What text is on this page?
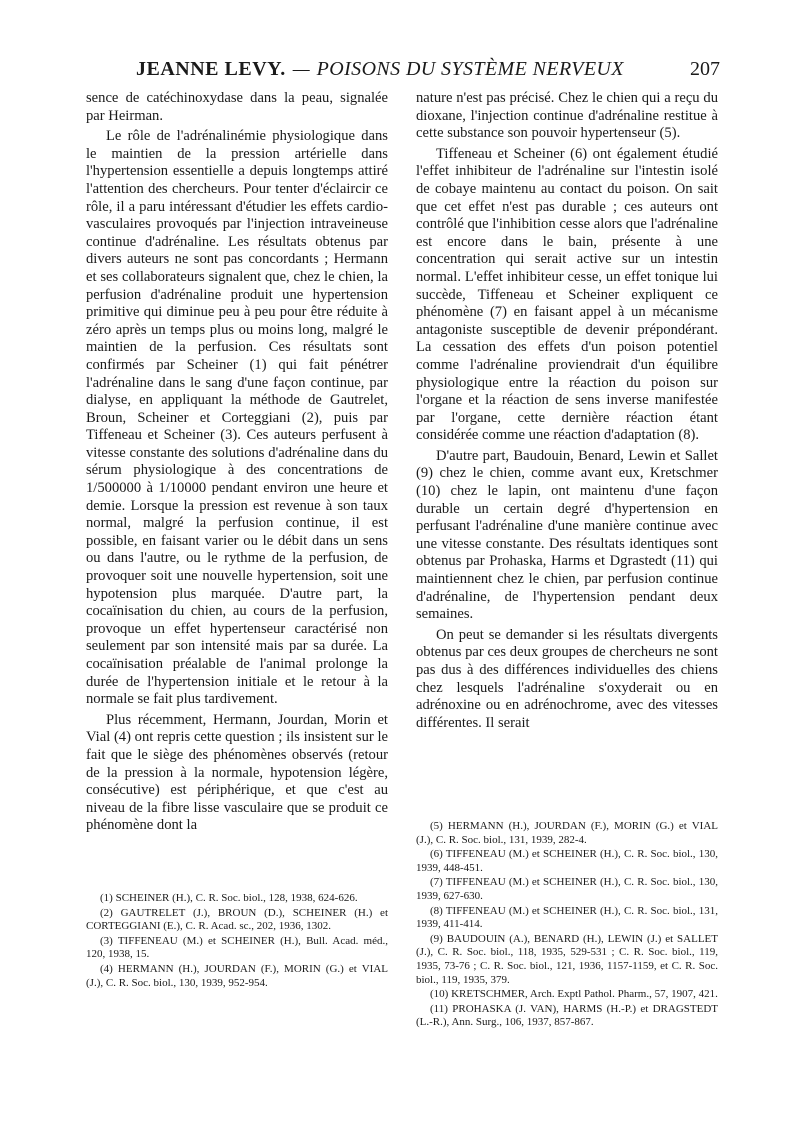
JEANNE LEVY. — POISONS DU SYSTÈME NERVEUX	207

sence de catéchinoxydase dans la peau, signalée par Heirman.

Le rôle de l'adrénalinémie physiologique dans le maintien de la pression artérielle dans l'hypertension essentielle a depuis longtemps attiré l'attention des chercheurs. Pour tenter d'éclaircir ce rôle, il a paru intéressant d'étudier les effets cardio-vasculaires provoqués par l'injection intraveineuse continue d'adrénaline. Les résultats obtenus par divers auteurs ne sont pas concordants ; Hermann et ses collaborateurs signalent que, chez le chien, la perfusion d'adrénaline produit une hypertension primitive qui diminue peu à peu pour être réduite à zéro après un temps plus ou moins long, malgré le maintien de la perfusion. Ces résultats sont confirmés par Scheiner (1) qui fait pénétrer l'adrénaline dans le sang d'une façon continue, par dialyse, en appliquant la méthode de Gautrelet, Broun, Scheiner et Corteggiani (2), puis par Tiffeneau et Scheiner (3). Ces auteurs perfusent à vitesse constante des solutions d'adrénaline dans du sérum physiologique à des concentrations de 1/500000 à 1/10000 pendant environ une heure et demie. Lorsque la pression est revenue à son taux normal, malgré la perfusion continue, il est possible, en faisant varier ou le débit dans un sens ou dans l'autre, ou le rythme de la perfusion, de provoquer soit une nouvelle hypertension, soit une hypotension plus marquée. D'autre part, la cocaïnisation du chien, au cours de la perfusion, provoque un effet hypertenseur caractérisé non seulement par son intensité mais par sa durée. La cocaïnisation préalable de l'animal prolonge la durée de l'hypertension initiale et le retour à la normale se fait plus tardivement.

Plus récemment, Hermann, Jourdan, Morin et Vial (4) ont repris cette question ; ils insistent sur le fait que le siège des phénomènes observés (retour de la pression à la normale, hypotension légère, consécutive) est périphérique, et que c'est au niveau de la fibre lisse vasculaire que se produit ce phénomène dont la

(1) SCHEINER (H.), C. R. Soc. biol., 128, 1938, 624-626.

(2) GAUTRELET (J.), BROUN (D.), SCHEINER (H.) et CORTEGGIANI (E.), C. R. Acad. sc., 202, 1936, 1302.

(3) TIFFENEAU (M.) et SCHEINER (H.), Bull. Acad. méd., 120, 1938, 15.

(4) HERMANN (H.), JOURDAN (F.), MORIN (G.) et VIAL (J.), C. R. Soc. biol., 130, 1939, 952-954.

nature n'est pas précisé. Chez le chien qui a reçu du dioxane, l'injection continue d'adrénaline restitue à cette substance son pouvoir hypertenseur (5).

Tiffeneau et Scheiner (6) ont également étudié l'effet inhibiteur de l'adrénaline sur l'intestin isolé de cobaye maintenu au contact du poison. On sait que cet effet n'est pas durable ; ces auteurs ont contrôlé que l'inhibition cesse alors que l'adrénaline est encore dans le bain, présente à une concentration qui serait active sur un intestin normal. L'effet inhibiteur cesse, un effet tonique lui succède, Tiffeneau et Scheiner expliquent ce phénomène (7) en faisant appel à un mécanisme antagoniste susceptible de devenir prépondérant. La cessation des effets d'un poison potentiel comme l'adrénaline proviendrait d'un équilibre physiologique entre la réaction du poison sur l'organe et la réaction de sens inverse manifestée par l'organe, cette dernière réaction étant considérée comme une réaction d'adaptation (8).

D'autre part, Baudouin, Benard, Lewin et Sallet (9) chez le chien, comme avant eux, Kretschmer (10) chez le lapin, ont maintenu d'une façon durable un certain degré d'hypertension en perfusant l'adrénaline d'une manière continue avec une vitesse constante. Des résultats identiques sont obtenus par Prohaska, Harms et Dgrastedt (11) qui maintiennent chez le chien, par perfusion continue d'adrénaline, de l'hypertension pendant deux semaines.

On peut se demander si les résultats divergents obtenus par ces deux groupes de chercheurs ne sont pas dus à des différences individuelles des chiens chez lesquels l'adrénaline s'oxyderait ou en adrénoxine ou en adrénochrome, avec des vitesses différentes. Il serait

(5) HERMANN (H.), JOURDAN (F.), MORIN (G.) et VIAL (J.), C. R. Soc. biol., 131, 1939, 282-4.

(6) TIFFENEAU (M.) et SCHEINER (H.), C. R. Soc. biol., 130, 1939, 448-451.

(7) TIFFENEAU (M.) et SCHEINER (H.), C. R. Soc. biol., 130, 1939, 627-630.

(8) TIFFENEAU (M.) et SCHEINER (H.), C. R. Soc. biol., 131, 1939, 411-414.

(9) BAUDOUIN (A.), BENARD (H.), LEWIN (J.) et SALLET (J.), C. R. Soc. biol., 118, 1935, 529-531 ; C. R. Soc. biol., 119, 1935, 73-76 ; C. R. Soc. biol., 121, 1936, 1157-1159, et C. R. Soc. biol., 119, 1935, 379.

(10) KRETSCHMER, Arch. Exptl Pathol. Pharm., 57, 1907, 421.

(11) PROHASKA (J. VAN), HARMS (H.-P.) et DRAGSTEDT (L.-R.), Ann. Surg., 106, 1937, 857-867.
